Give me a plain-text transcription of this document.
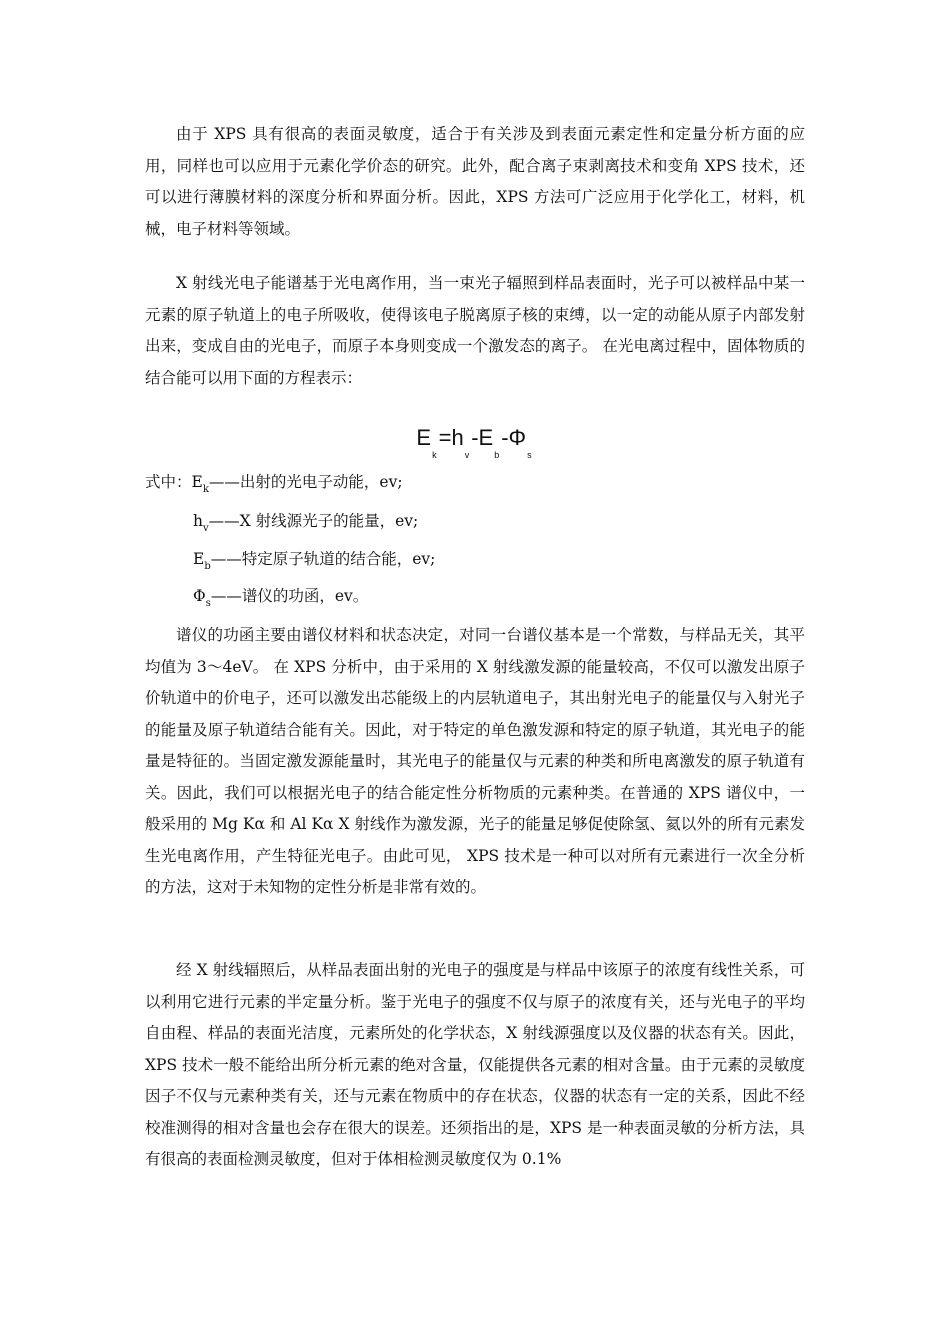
由于 XPS 具有很高的表面灵敏度，适合于有关涉及到表面元素定性和定量分析方面的应用，同样也可以应用于元素化学价态的研究。此外，配合离子束剥离技术和变角 XPS 技术，还可以进行薄膜材料的深度分析和界面分析。因此，XPS 方法可广泛应用于化学化工，材料，机械，电子材料等领域。

X 射线光电子能谱基于光电离作用，当一束光子辐照到样品表面时，光子可以被样品中某一元素的原子轨道上的电子所吸收，使得该电子脱离原子核的束缚，以一定的动能从原子内部发射出来，变成自由的光电子，而原子本身则变成一个激发态的离子。 在光电离过程中，固体物质的结合能可以用下面的方程表示：

$E_k=h_v-E_b-\Phi_s$
式中：$E_k——$出射的光电子动能，ev;
$h_v——X$ 射线源光子的能量，ev;
$E_b——$特定原子轨道的结合能，ev;
$\Phi_s——$谱仪的功函，ev。

谱仪的功函主要由谱仪材料和状态决定，对同一台谱仪基本是一个常数，与样品无关，其平均值为 3～4eV。 在 XPS 分析中，由于采用的 X 射线激发源的能量较高，不仅可以激发出原子价轨道中的价电子，还可以激发出芯能级上的内层轨道电子，其出射光电子的能量仅与入射光子的能量及原子轨道结合能有关。因此，对于特定的单色激发源和特定的原子轨道，其光电子的能量是特征的。当固定激发源能量时，其光电子的能量仅与元素的种类和所电离激发的原子轨道有关。因此，我们可以根据光电子的结合能定性分析物质的元素种类。在普通的 XPS 谱仪中，一般采用的 Mg Kα 和 Al Kα X 射线作为激发源，光子的能量足够促使除氢、氦以外的所有元素发生光电离作用，产生特征光电子。由此可见， XPS 技术是一种可以对所有元素进行一次全分析的方法，这对于未知物的定性分析是非常有效的。

经 X 射线辐照后，从样品表面出射的光电子的强度是与样品中该原子的浓度有线性关系，可以利用它进行元素的半定量分析。鉴于光电子的强度不仅与原子的浓度有关，还与光电子的平均自由程、样品的表面光洁度，元素所处的化学状态，X 射线源强度以及仪器的状态有关。因此，XPS 技术一般不能给出所分析元素的绝对含量，仅能提供各元素的相对含量。由于元素的灵敏度因子不仅与元素种类有关，还与元素在物质中的存在状态，仪器的状态有一定的关系，因此不经校准测得的相对含量也会存在很大的误差。还须指出的是，XPS 是一种表面灵敏的分析方法，具有很高的表面检测灵敏度，但对于体相检测灵敏度仅为 0.1%
